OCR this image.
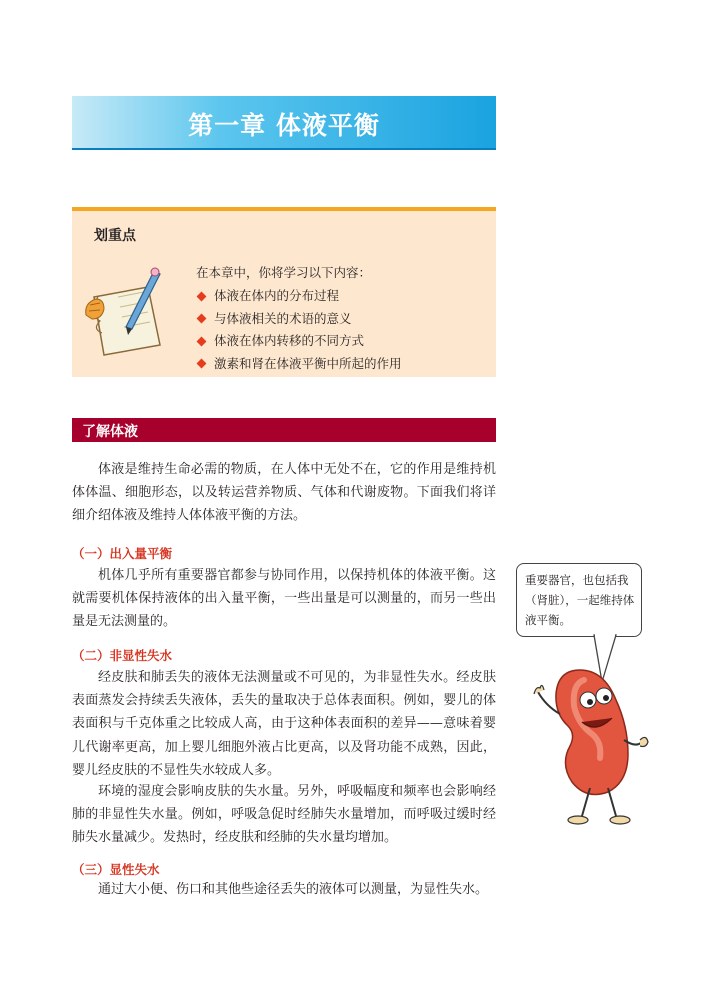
第一章 体液平衡
划重点
在本章中，你将学习以下内容：
体液在体内的分布过程
与体液相关的术语的意义
体液在体内转移的不同方式
激素和肾在体液平衡中所起的作用
了解体液

体液是维持生命必需的物质，在人体中无处不在，它的作用是维持机体体温、细胞形态，以及转运营养物质、气体和代谢废物。下面我们将详细介绍体液及维持人体体液平衡的方法。

（一）出入量平衡

机体几乎所有重要器官都参与协同作用，以保持机体的体液平衡。这就需要机体保持液体的出入量平衡，一些出量是可以测量的，而另一些出量是无法测量的。

（二）非显性失水

经皮肤和肺丢失的液体无法测量或不可见的，为非显性失水。经皮肤表面蒸发会持续丢失液体，丢失的量取决于总体表面积。例如，婴儿的体表面积与千克体重之比较成人高，由于这种体表面积的差异——意味着婴儿代谢率更高，加上婴儿细胞外液占比更高，以及肾功能不成熟，因此，婴儿经皮肤的不显性失水较成人多。

环境的湿度会影响皮肤的失水量。另外，呼吸幅度和频率也会影响经肺的非显性失水量。例如，呼吸急促时经肺失水量增加，而呼吸过缓时经肺失水量减少。发热时，经皮肤和经肺的失水量均增加。

（三）显性失水

通过大小便、伤口和其他些途径丢失的液体可以测量，为显性失水。

重要器官，也包括我（肾脏），一起维持体液平衡。
